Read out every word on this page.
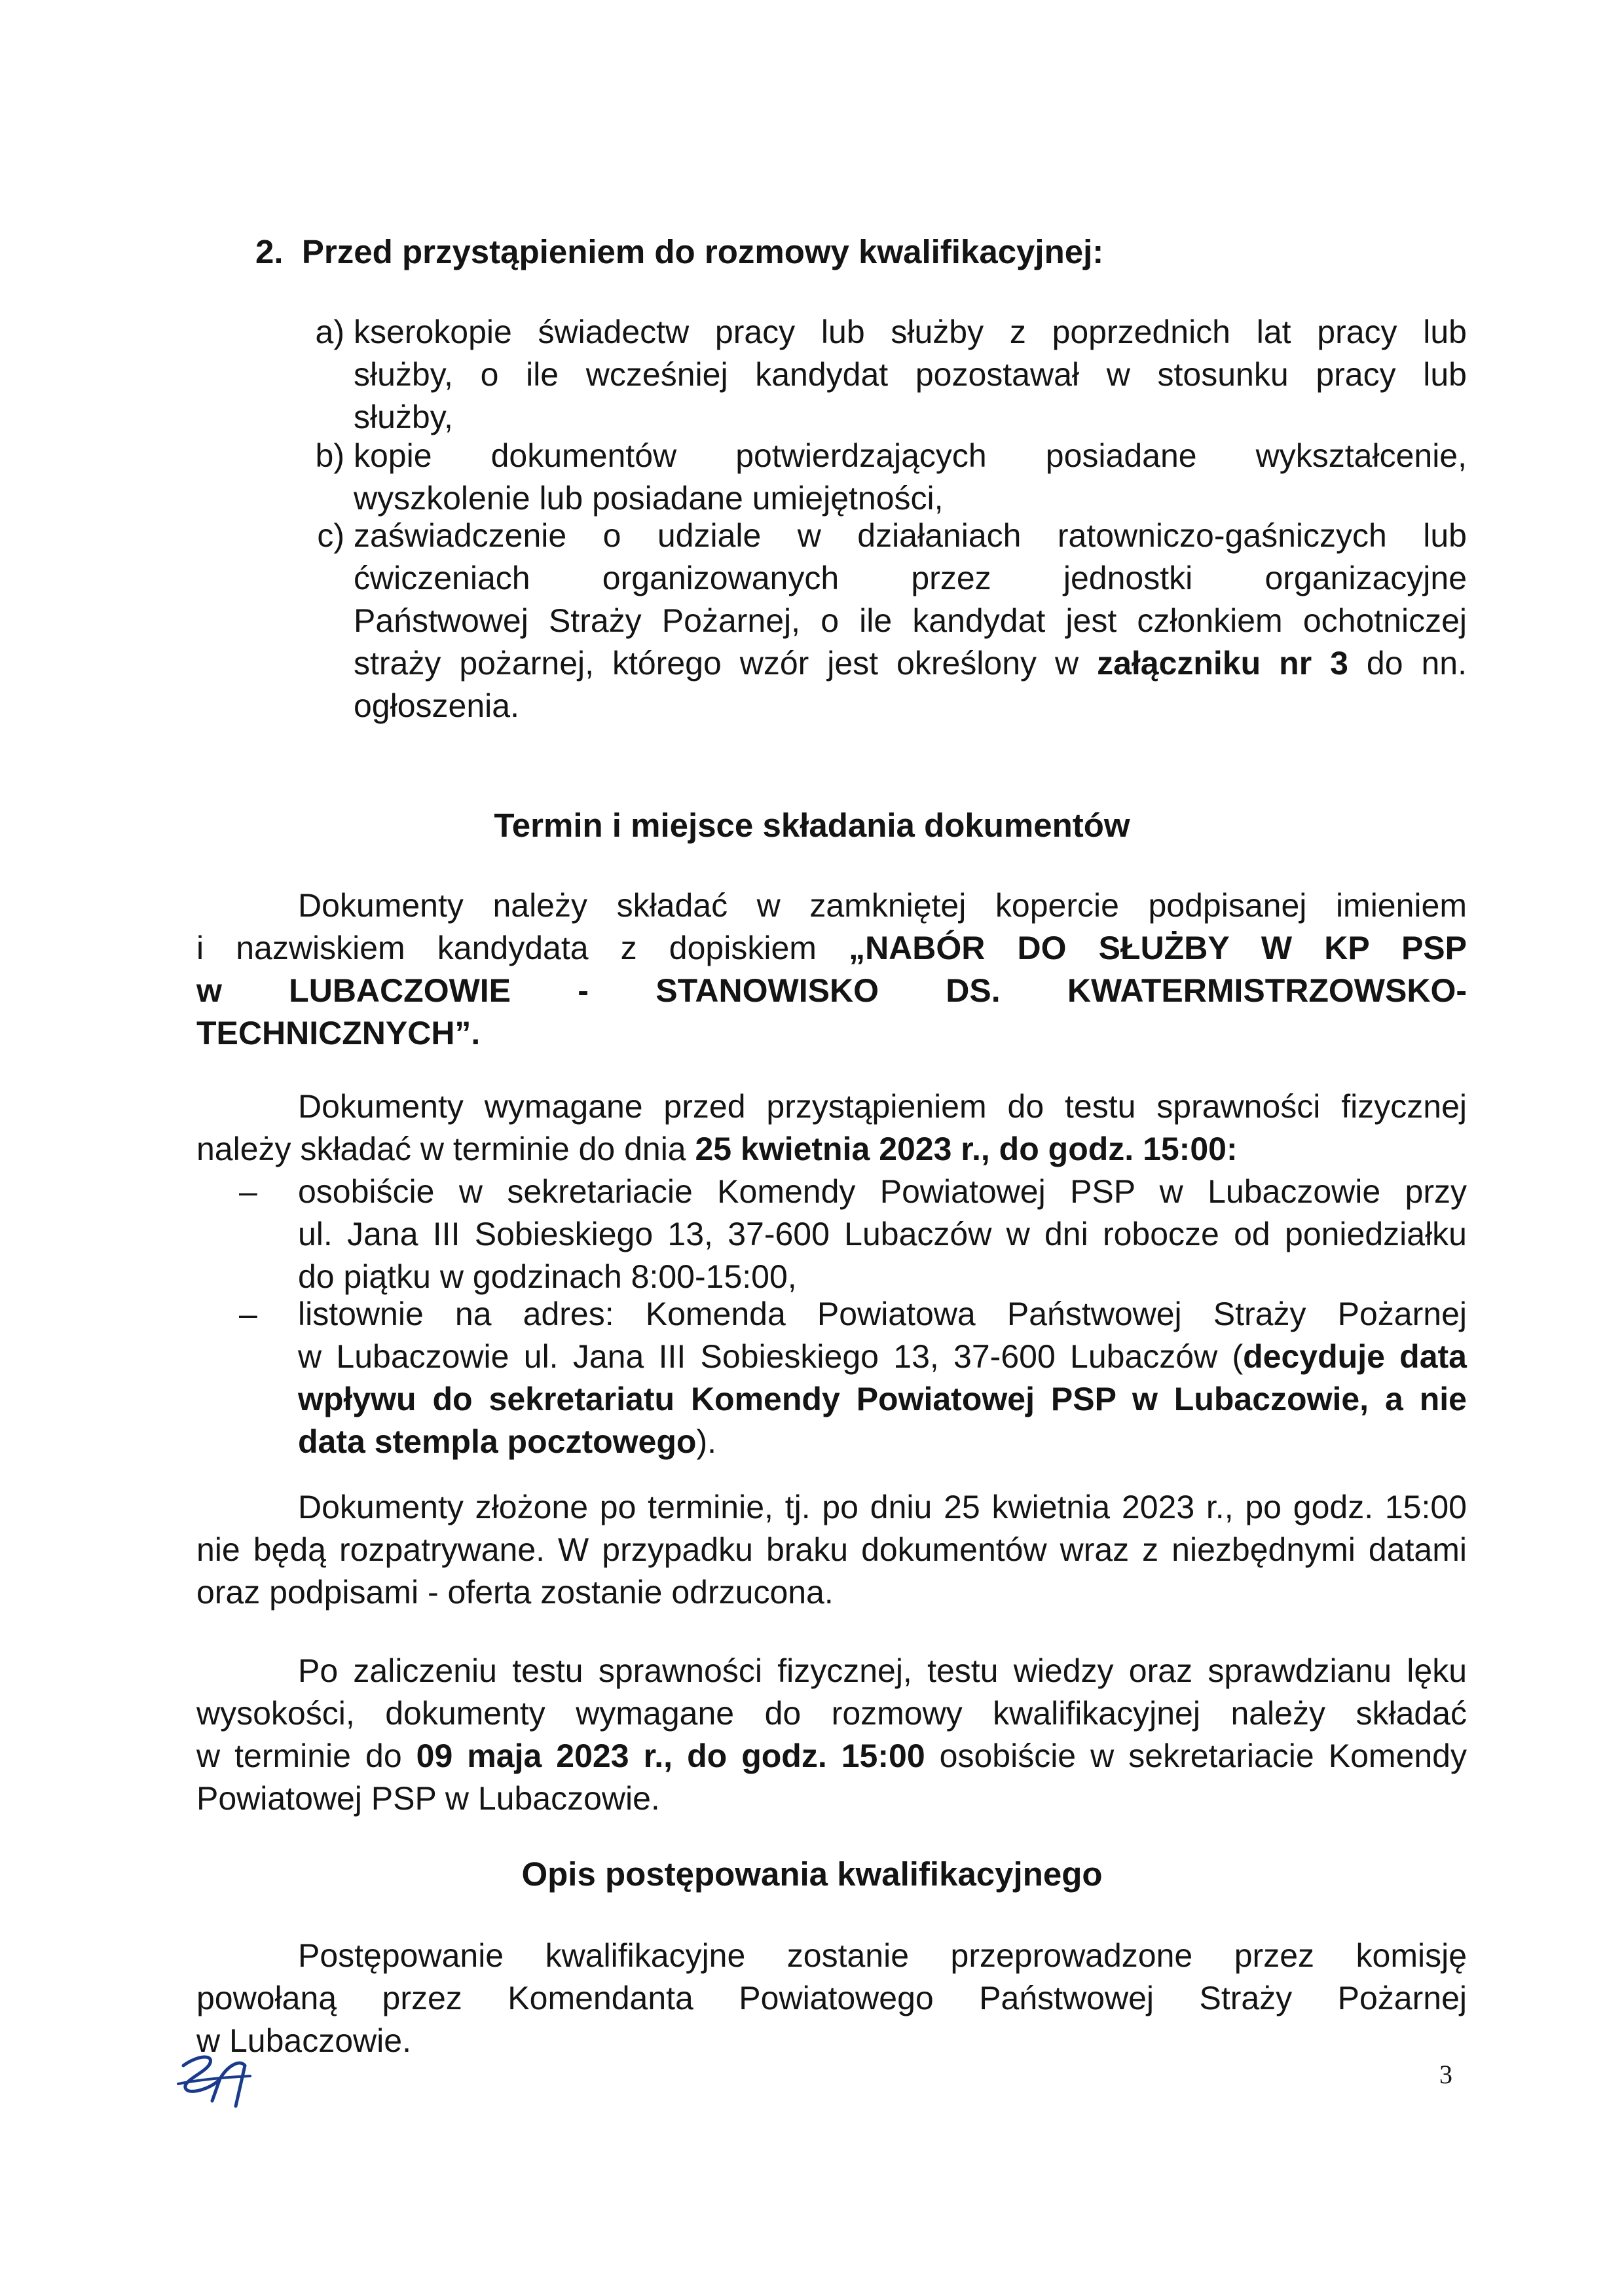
2. Przed przystąpieniem do rozmowy kwalifikacyjnej:
a) kserokopie świadectw pracy lub służby z poprzednich lat pracy lub
służby, o ile wcześniej kandydat pozostawał w stosunku pracy lub
służby,
b) kopie dokumentów potwierdzających posiadane wykształcenie,
wyszkolenie lub posiadane umiejętności,
c) zaświadczenie o udziale w działaniach ratowniczo-gaśniczych lub
ćwiczeniach organizowanych przez jednostki organizacyjne
Państwowej Straży Pożarnej, o ile kandydat jest członkiem ochotniczej
straży pożarnej, którego wzór jest określony w załączniku nr 3 do nn.
ogłoszenia.
Termin i miejsce składania dokumentów
Dokumenty należy składać w zamkniętej kopercie podpisanej imieniem
i nazwiskiem kandydata z dopiskiem „NABÓR DO SŁUŻBY W KP PSP
w LUBACZOWIE - STANOWISKO DS. KWATERMISTRZOWSKO-
TECHNICZNYCH”.
Dokumenty wymagane przed przystąpieniem do testu sprawności fizycznej
należy składać w terminie do dnia 25 kwietnia 2023 r., do godz. 15:00:
– osobiście w sekretariacie Komendy Powiatowej PSP w Lubaczowie przy
ul. Jana III Sobieskiego 13, 37-600 Lubaczów w dni robocze od poniedziałku
do piątku w godzinach 8:00-15:00,
– listownie na adres: Komenda Powiatowa Państwowej Straży Pożarnej
w Lubaczowie ul. Jana III Sobieskiego 13, 37-600 Lubaczów (decyduje data
wpływu do sekretariatu Komendy Powiatowej PSP w Lubaczowie, a nie
data stempla pocztowego).
Dokumenty złożone po terminie, tj. po dniu 25 kwietnia 2023 r., po godz. 15:00
nie będą rozpatrywane. W przypadku braku dokumentów wraz z niezbędnymi datami
oraz podpisami - oferta zostanie odrzucona.
Po zaliczeniu testu sprawności fizycznej, testu wiedzy oraz sprawdzianu lęku
wysokości, dokumenty wymagane do rozmowy kwalifikacyjnej należy składać
w terminie do 09 maja 2023 r., do godz. 15:00 osobiście w sekretariacie Komendy
Powiatowej PSP w Lubaczowie.
Opis postępowania kwalifikacyjnego
Postępowanie kwalifikacyjne zostanie przeprowadzone przez komisję
powołaną przez Komendanta Powiatowego Państwowej Straży Pożarnej
w Lubaczowie.
3
